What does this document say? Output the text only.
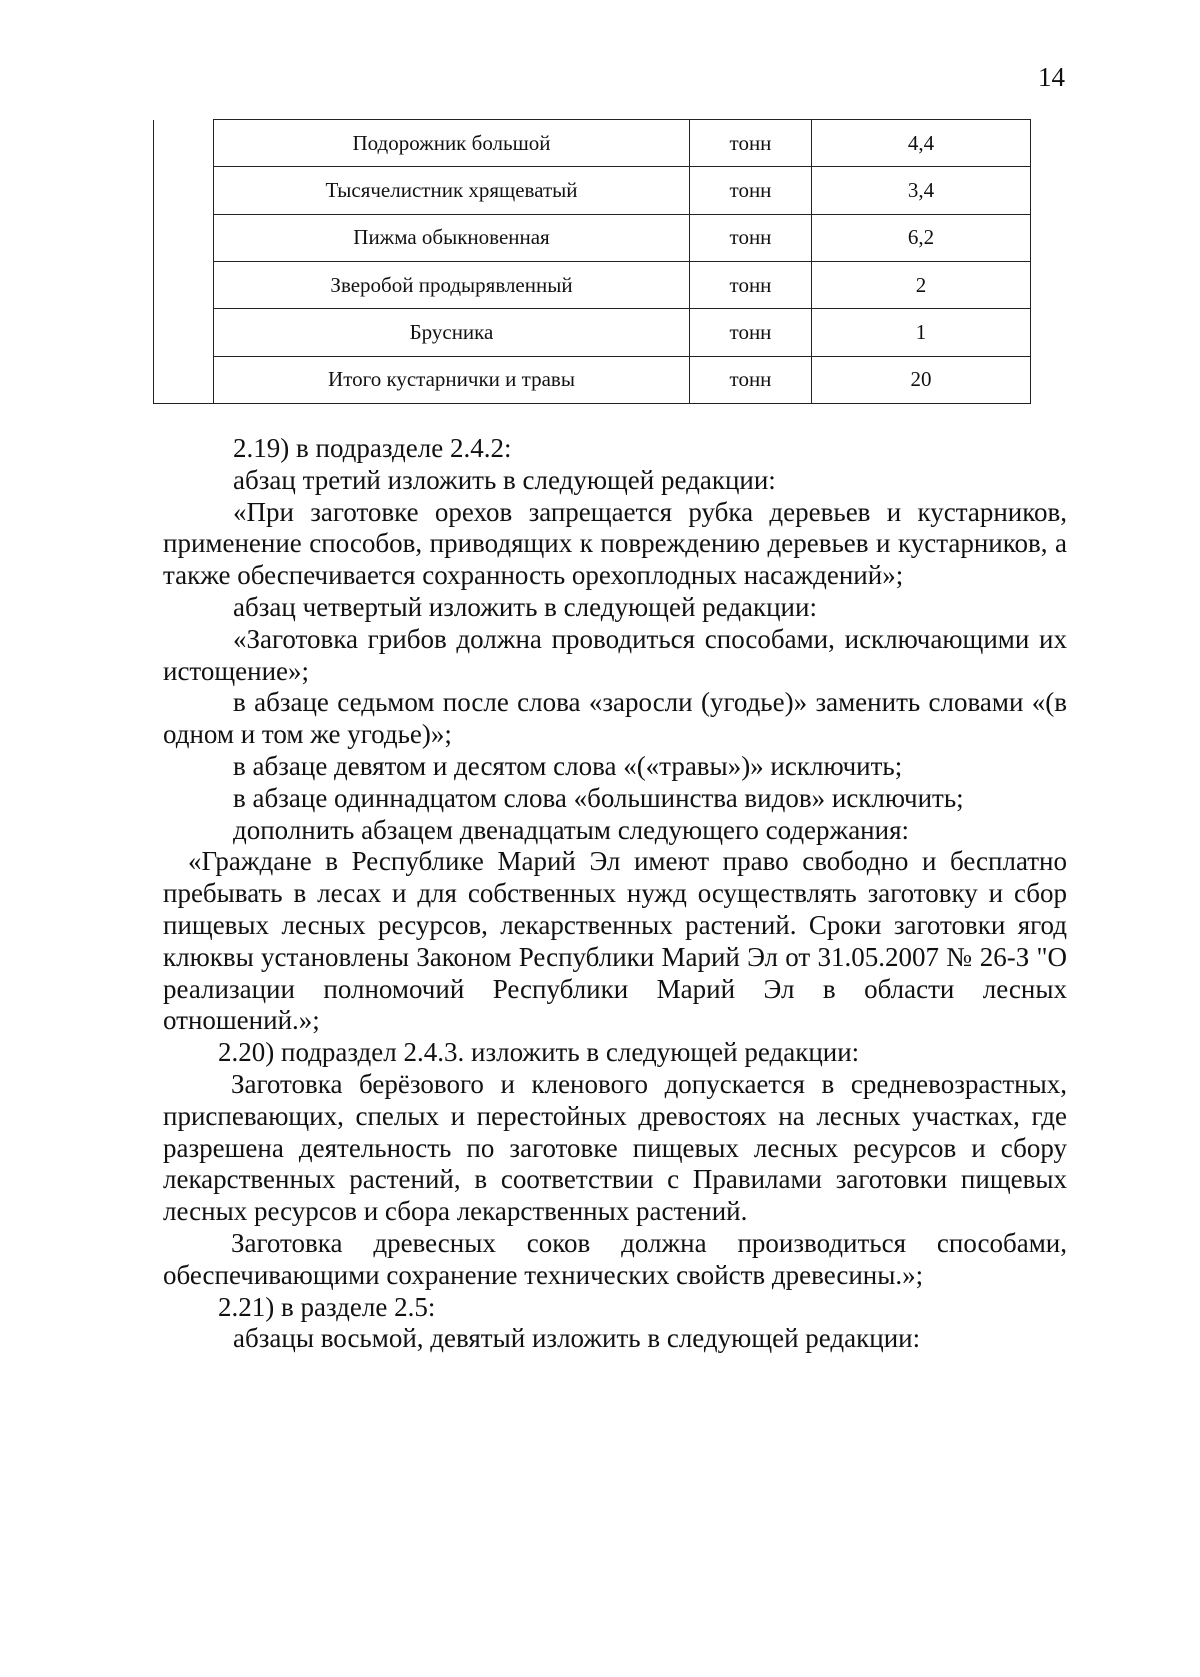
14
	Подорожник большой	тонн	4,4
	Тысячелистник хрящеватый	тонн	3,4
	Пижма обыкновенная	тонн	6,2
	Зверобой продырявленный	тонн	2
	Брусника	тонн	1
	Итого кустарнички и травы	тонн	20

2.19) в подразделе 2.4.2:

абзац третий изложить в следующей редакции:

«При заготовке орехов запрещается рубка деревьев и кустарников, применение способов, приводящих к повреждению деревьев и кустарников, а также обеспечивается сохранность орехоплодных насаждений»;

абзац четвертый изложить в следующей редакции:

«Заготовка грибов должна проводиться способами, исключающими их истощение»;

в абзаце седьмом после слова «заросли (угодье)» заменить словами «(в одном и том же угодье)»;

в абзаце девятом и десятом слова «(«травы»)» исключить;

в абзаце одиннадцатом слова «большинства видов» исключить;

дополнить абзацем двенадцатым следующего содержания:

«Граждане в Республике Марий Эл имеют право свободно и бесплатно пребывать в лесах и для собственных нужд осуществлять заготовку и сбор пищевых лесных ресурсов, лекарственных растений. Сроки заготовки ягод клюквы установлены Законом Республики Марий Эл от 31.05.2007 № 26-З "О реализации полномочий Республики Марий Эл в области лесных отношений.»;

2.20) подраздел 2.4.3. изложить в следующей редакции:

Заготовка берёзового и кленового допускается в средневозрастных, приспевающих, спелых и перестойных древостоях на лесных участках, где разрешена деятельность по заготовке пищевых лесных ресурсов и сбору лекарственных растений, в соответствии с Правилами заготовки пищевых лесных ресурсов и сбора лекарственных растений.

Заготовка древесных соков должна производиться способами, обеспечивающими сохранение технических свойств древесины.»;

2.21) в разделе 2.5:

абзацы восьмой, девятый изложить в следующей редакции:
